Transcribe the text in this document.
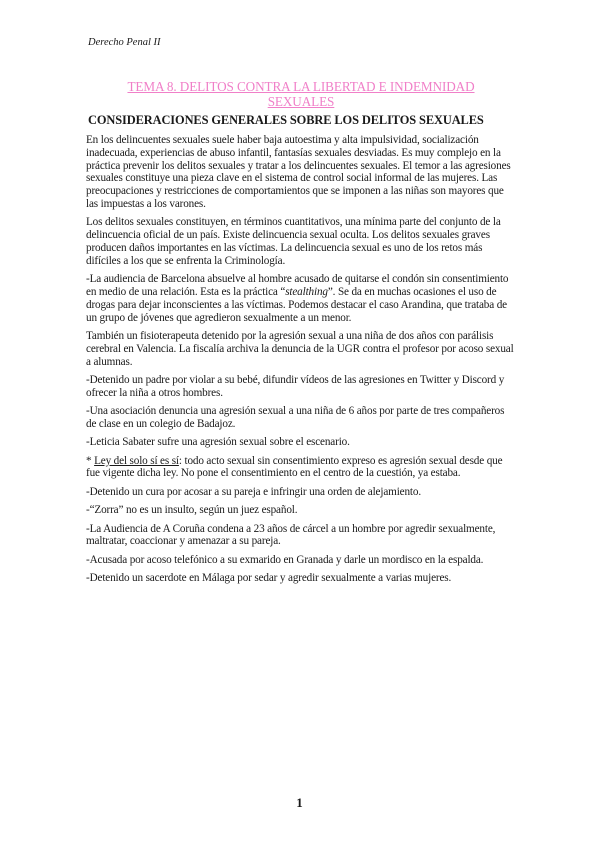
Derecho Penal II
TEMA 8. DELITOS CONTRA LA LIBERTAD E INDEMNIDAD SEXUALES
CONSIDERACIONES GENERALES SOBRE LOS DELITOS SEXUALES

En los delincuentes sexuales suele haber baja autoestima y alta impulsividad, socialización inadecuada, experiencias de abuso infantil, fantasías sexuales desviadas. Es muy complejo en la práctica prevenir los delitos sexuales y tratar a los delincuentes sexuales. El temor a las agresiones sexuales constituye una pieza clave en el sistema de control social informal de las mujeres. Las preocupaciones y restricciones de comportamientos que se imponen a las niñas son mayores que las impuestas a los varones.

Los delitos sexuales constituyen, en términos cuantitativos, una mínima parte del conjunto de la delincuencia oficial de un país. Existe delincuencia sexual oculta. Los delitos sexuales graves producen daños importantes en las víctimas. La delincuencia sexual es uno de los retos más difíciles a los que se enfrenta la Criminología.

-La audiencia de Barcelona absuelve al hombre acusado de quitarse el condón sin consentimiento en medio de una relación. Esta es la práctica “stealthing”. Se da en muchas ocasiones el uso de drogas para dejar inconscientes a las víctimas. Podemos destacar el caso Arandina, que trataba de un grupo de jóvenes que agredieron sexualmente a un menor.

También un fisioterapeuta detenido por la agresión sexual a una niña de dos años con parálisis cerebral en Valencia. La fiscalía archiva la denuncia de la UGR contra el profesor por acoso sexual a alumnas.

-Detenido un padre por violar a su bebé, difundir vídeos de las agresiones en Twitter y Discord y ofrecer la niña a otros hombres.

-Una asociación denuncia una agresión sexual a una niña de 6 años por parte de tres compañeros de clase en un colegio de Badajoz.

-Leticia Sabater sufre una agresión sexual sobre el escenario.

* Ley del solo sí es sí: todo acto sexual sin consentimiento expreso es agresión sexual desde que fue vigente dicha ley. No pone el consentimiento en el centro de la cuestión, ya estaba.

-Detenido un cura por acosar a su pareja e infringir una orden de alejamiento.

-“Zorra” no es un insulto, según un juez español.

-La Audiencia de A Coruña condena a 23 años de cárcel a un hombre por agredir sexualmente, maltratar, coaccionar y amenazar a su pareja.

-Acusada por acoso telefónico a su exmarido en Granada y darle un mordisco en la espalda.

-Detenido un sacerdote en Málaga por sedar y agredir sexualmente a varias mujeres.

1
